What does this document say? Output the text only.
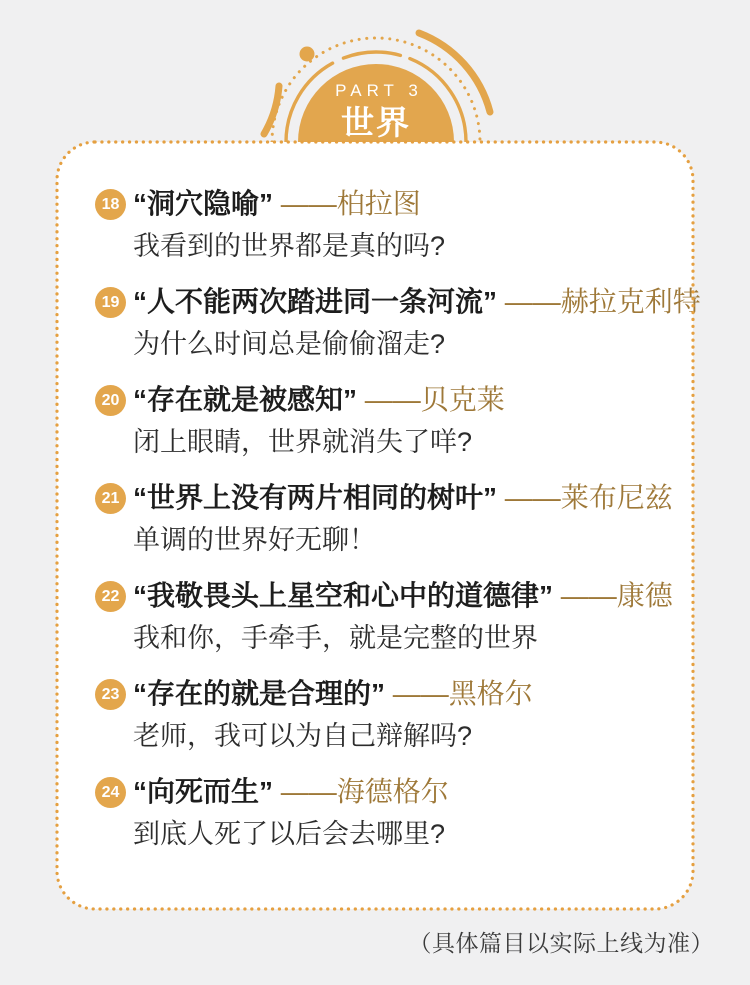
PART 3
世界
18 “洞穴隐喻” ——柏拉图
我看到的世界都是真的吗?
19 “人不能两次踏进同一条河流” ——赫拉克利特
为什么时间总是偷偷溜走?
20 “存在就是被感知” ——贝克莱
闭上眼睛，世界就消失了咩?
21 “世界上没有两片相同的树叶” ——莱布尼兹
单调的世界好无聊！
22 “我敬畏头上星空和心中的道德律” ——康德
我和你，手牵手，就是完整的世界
23 “存在的就是合理的” ——黑格尔
老师，我可以为自己辩解吗?
24 “向死而生” ——海德格尔
到底人死了以后会去哪里?
（具体篇目以实际上线为准）
